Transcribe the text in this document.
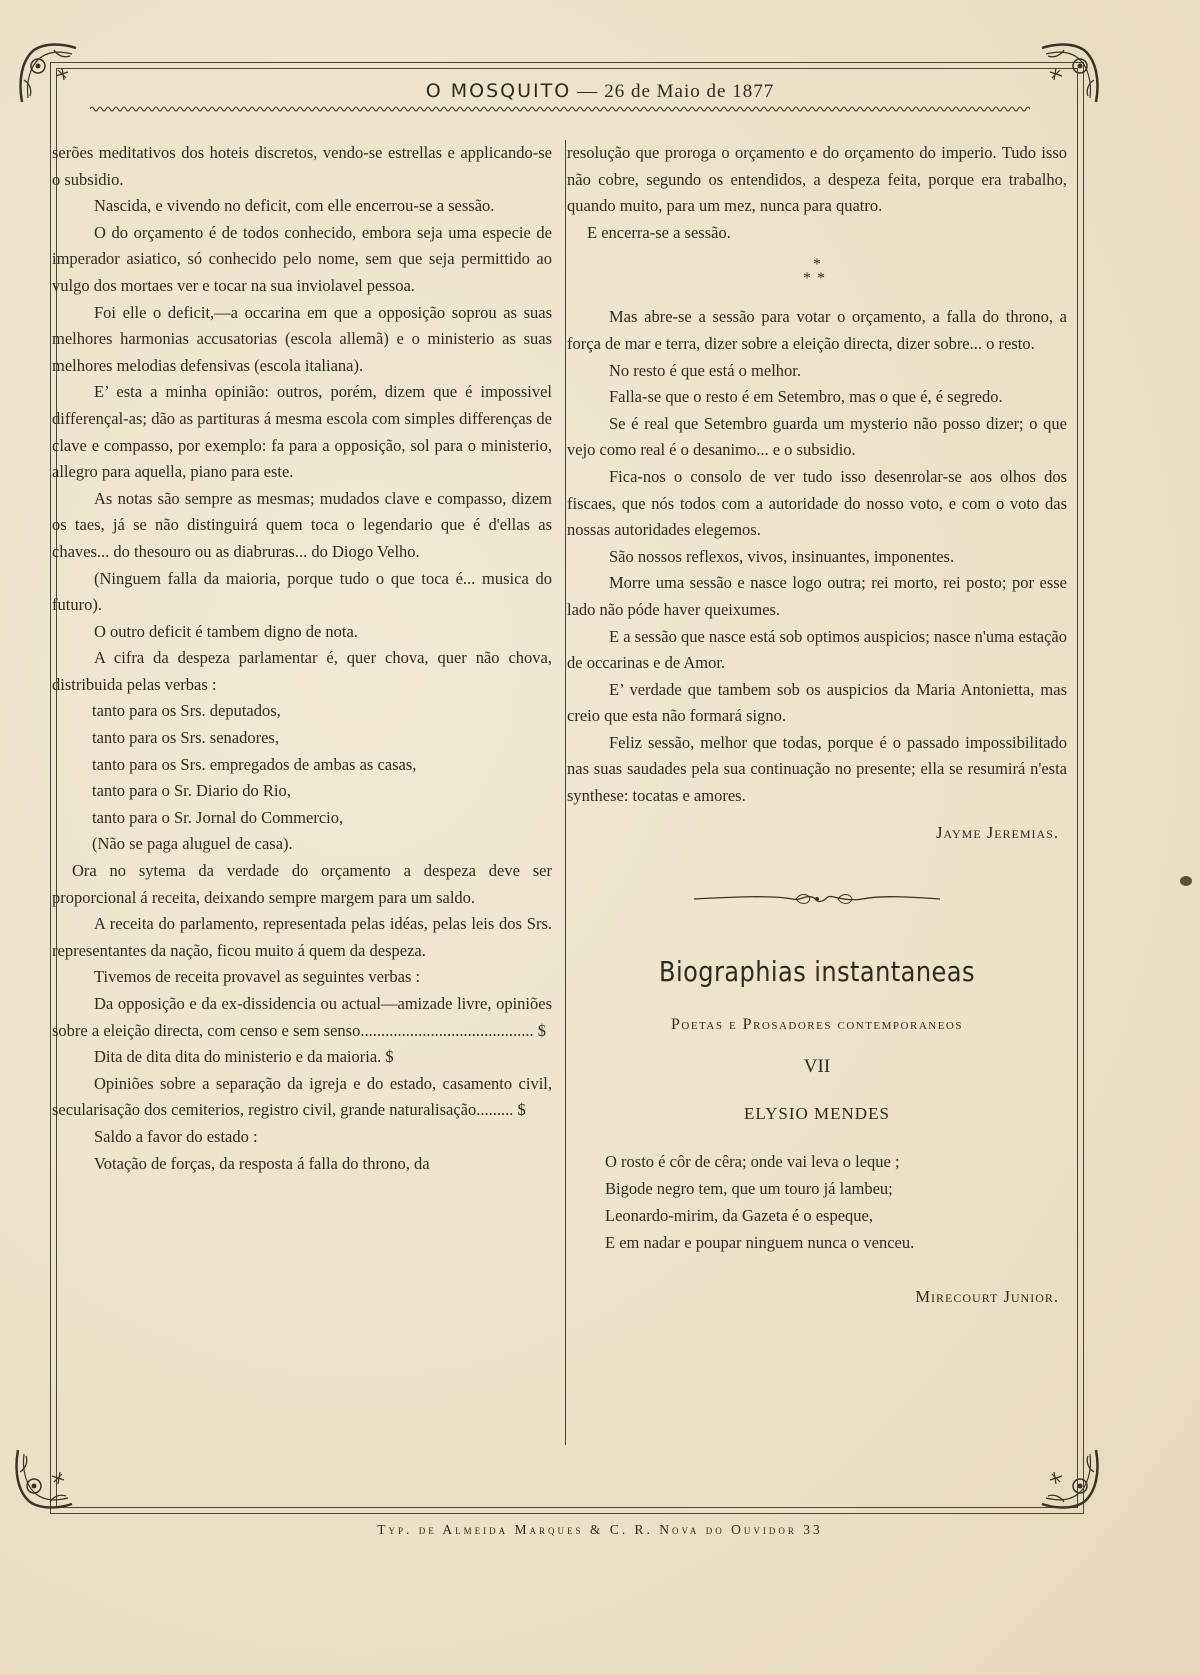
O MOSQUITO — 26 de Maio de 1877

serões meditativos dos hoteis discretos, vendo-se estrellas e applicando-se o subsidio.

Nascida, e vivendo no deficit, com elle encerrou-se a sessão.

O do orçamento é de todos conhecido, embora seja uma especie de imperador asiatico, só conhecido pelo nome, sem que seja permittido ao vulgo dos mortaes ver e tocar na sua inviolavel pessoa.

Foi elle o deficit,—a occarina em que a opposição soprou as suas melhores harmonias accusatorias (escola allemã) e o ministerio as suas melhores melodias defensivas (escola italiana).

E’ esta a minha opinião: outros, porém, dizem que é impossivel differençal-as; dão as partituras á mesma escola com simples differenças de clave e compasso, por exemplo: fa para a opposição, sol para o ministerio, allegro para aquella, piano para este.

As notas são sempre as mesmas; mudados clave e compasso, dizem os taes, já se não distinguirá quem toca o legendario que é d'ellas as chaves... do thesouro ou as diabruras... do Diogo Velho.

(Ninguem falla da maioria, porque tudo o que toca é... musica do futuro).

O outro deficit é tambem digno de nota.

A cifra da despeza parlamentar é, quer chova, quer não chova, distribuida pelas verbas :

tanto para os Srs. deputados,

tanto para os Srs. senadores,

tanto para os Srs. empregados de ambas as casas,

tanto para o Sr. Diario do Rio,

tanto para o Sr. Jornal do Commercio,

(Não se paga aluguel de casa).

Ora no sytema da verdade do orçamento a despeza deve ser proporcional á receita, deixando sempre margem para um saldo.

A receita do parlamento, representada pelas idéas, pelas leis dos Srs. representantes da nação, ficou muito á quem da despeza.

Tivemos de receita provavel as seguintes verbas :

Da opposição e da ex-dissidencia ou actual—amizade livre, opiniões sobre a eleição directa, com censo e sem senso.......................................... $

Dita de dita dita do ministerio e da maioria. $

Opiniões sobre a separação da igreja e do estado, casamento civil, secularisação dos cemiterios, registro civil, grande naturalisação......... $

Saldo a favor do estado :

Votação de forças, da resposta á falla do throno, da

resolução que proroga o orçamento e do orçamento do imperio. Tudo isso não cobre, segundo os entendidos, a despeza feita, porque era trabalho, quando muito, para um mez, nunca para quatro.

E encerra-se a sessão.

*
**

Mas abre-se a sessão para votar o orçamento, a falla do throno, a força de mar e terra, dizer sobre a eleição directa, dizer sobre... o resto.

No resto é que está o melhor.

Falla-se que o resto é em Setembro, mas o que é, é segredo.

Se é real que Setembro guarda um mysterio não posso dizer; o que vejo como real é o desanimo... e o subsidio.

Fica-nos o consolo de ver tudo isso desenrolar-se aos olhos dos fiscaes, que nós todos com a autoridade do nosso voto, e com o voto das nossas autoridades elegemos.

São nossos reflexos, vivos, insinuantes, imponentes.

Morre uma sessão e nasce logo outra; rei morto, rei posto; por esse lado não póde haver queixumes.

E a sessão que nasce está sob optimos auspicios; nasce n'uma estação de occarinas e de Amor.

E’ verdade que tambem sob os auspicios da Maria Antonietta, mas creio que esta não formará signo.

Feliz sessão, melhor que todas, porque é o passado impossibilitado nas suas saudades pela sua continuação no presente; ella se resumirá n'esta synthese: tocatas e amores.

Jayme Jeremias.
Biographias instantaneas
Poetas e Prosadores contemporaneos
VII
ELYSIO MENDES
O rosto é côr de cêra; onde vai leva o leque ;
Bigode negro tem, que um touro já lambeu;
Leonardo-mirim, da Gazeta é o espeque,
E em nadar e poupar ninguem nunca o venceu.
Mirecourt Junior.
Typ. de Almeida Marques & C. R. Nova do Ouvidor 33
